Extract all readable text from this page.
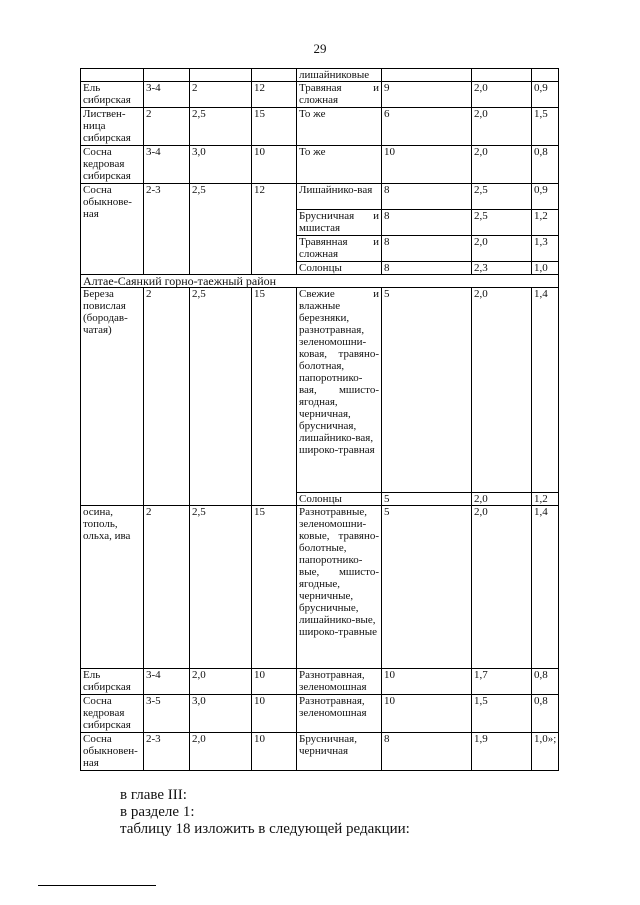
29
				лишайниковые			
Ель сибирская	3-4	2	12	Травяная и сложная	9	2,0	0,9
Листвен-ница сибирская	2	2,5	15	То же	6	2,0	1,5
Сосна кедровая сибирская	3-4	3,0	10	То же	10	2,0	0,8
Сосна обыкнове-ная	2-3	2,5	12	Лишайнико-вая	8	2,5	0,9
				Брусничная и мшистая	8	2,5	1,2
				Травянная и сложная	8	2,0	1,3
				Солонцы	8	2,3	1,0
Алтае-Саянкий горно-таежный район							
Береза повислая (бородав-чатая)	2	2,5	15	Свежие и влажные березняки, разнотравная, зеленомошни-ковая, травяно-болотная, папоротнико-вая, мшисто-ягодная, черничная, брусничная, лишайнико-вая, широко-травная	5	2,0	1,4
				Солонцы	5	2,0	1,2
осина, тополь, ольха, ива	2	2,5	15	Разнотравные, зеленомошни-ковые, травяно-болотные, папоротнико-вые, мшисто-ягодные, черничные, брусничные, лишайнико-вые, широко-травные	5	2,0	1,4
Ель сибирская	3-4	2,0	10	Разнотравная, зеленомошная	10	1,7	0,8
Сосна кедровая сибирская	3-5	3,0	10	Разнотравная, зеленомошная	10	1,5	0,8
Сосна обыкновен-ная	2-3	2,0	10	Брусничная, черничная	8	1,9	1,0»;
в главе III:
в разделе 1:
таблицу 18 изложить в следующей редакции:
